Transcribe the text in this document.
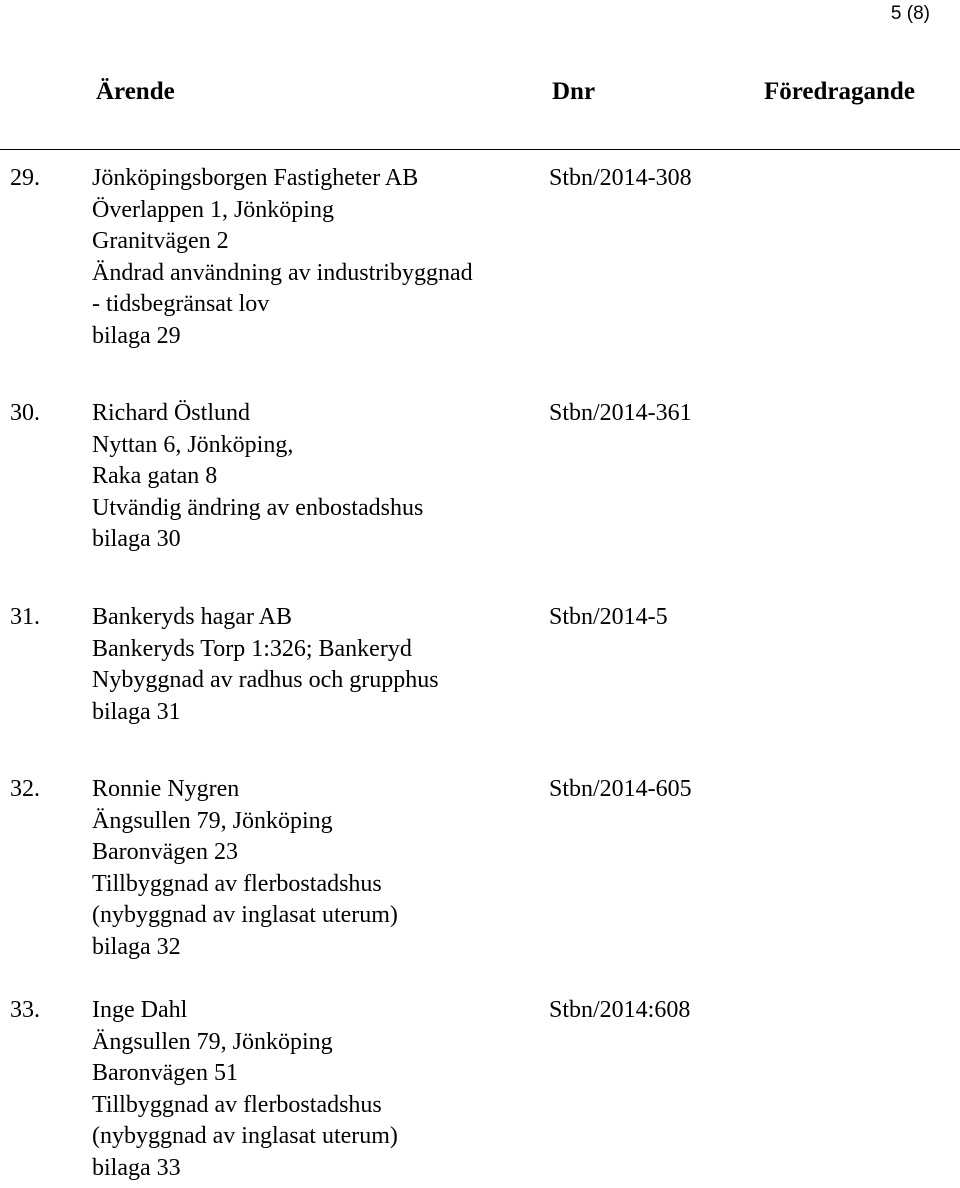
5 (8)
Ärende	Dnr	Föredragande
29. Jönköpingsborgen Fastigheter AB
Överlappen 1, Jönköping
Granitvägen 2
Ändrad användning av industribyggnad
- tidsbegränsat lov
bilaga 29
Stbn/2014-308
30. Richard Östlund
Nyttan 6, Jönköping,
Raka gatan 8
Utvändig ändring av enbostadshus
bilaga 30
Stbn/2014-361
31. Bankeryds hagar AB
Bankeryds Torp 1:326; Bankeryd
Nybyggnad av radhus och grupphus
bilaga 31
Stbn/2014-5
32. Ronnie Nygren
Ängsullen 79, Jönköping
Baronvägen 23
Tillbyggnad av flerbostadshus
(nybyggnad av inglasat uterum)
bilaga 32
Stbn/2014-605
33. Inge Dahl
Ängsullen 79, Jönköping
Baronvägen 51
Tillbyggnad av flerbostadshus
(nybyggnad av inglasat uterum)
bilaga 33
Stbn/2014:608
